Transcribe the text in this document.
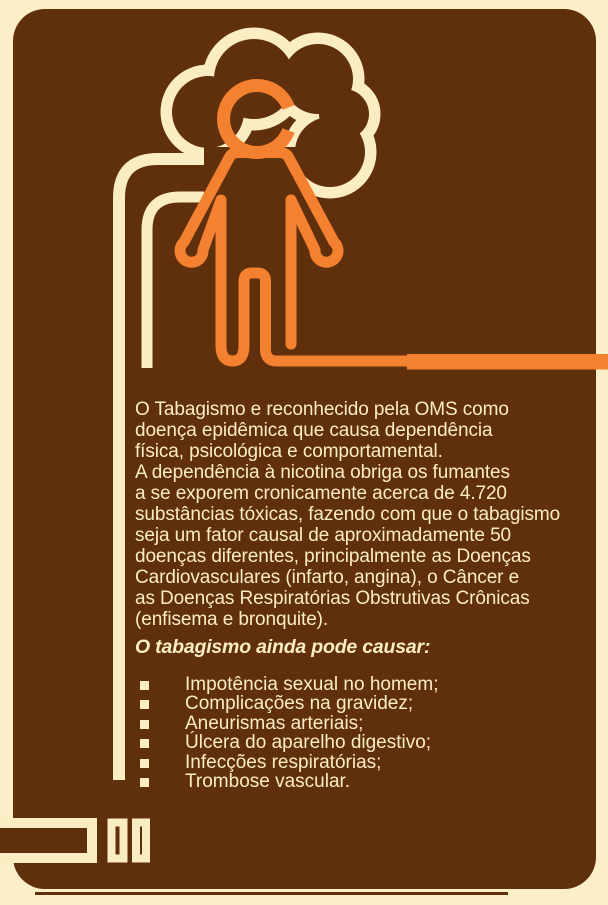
O Tabagismo e reconhecido pela OMS como
doença epidêmica que causa dependência
física, psicológica e comportamental.
A dependência à nicotina obriga os fumantes
a se exporem cronicamente acerca de 4.720
substâncias tóxicas, fazendo com que o tabagismo
seja um fator causal de aproximadamente 50
doenças diferentes, principalmente as Doenças
Cardiovasculares (infarto, angina), o Câncer e
as Doenças Respiratórias Obstrutivas Crônicas
(enfisema e bronquite).
O tabagismo ainda pode causar:
Impotência sexual no homem;
Complicações na gravidez;
Aneurismas arteriais;
Úlcera do aparelho digestivo;
Infecções respiratórias;
Trombose vascular.
